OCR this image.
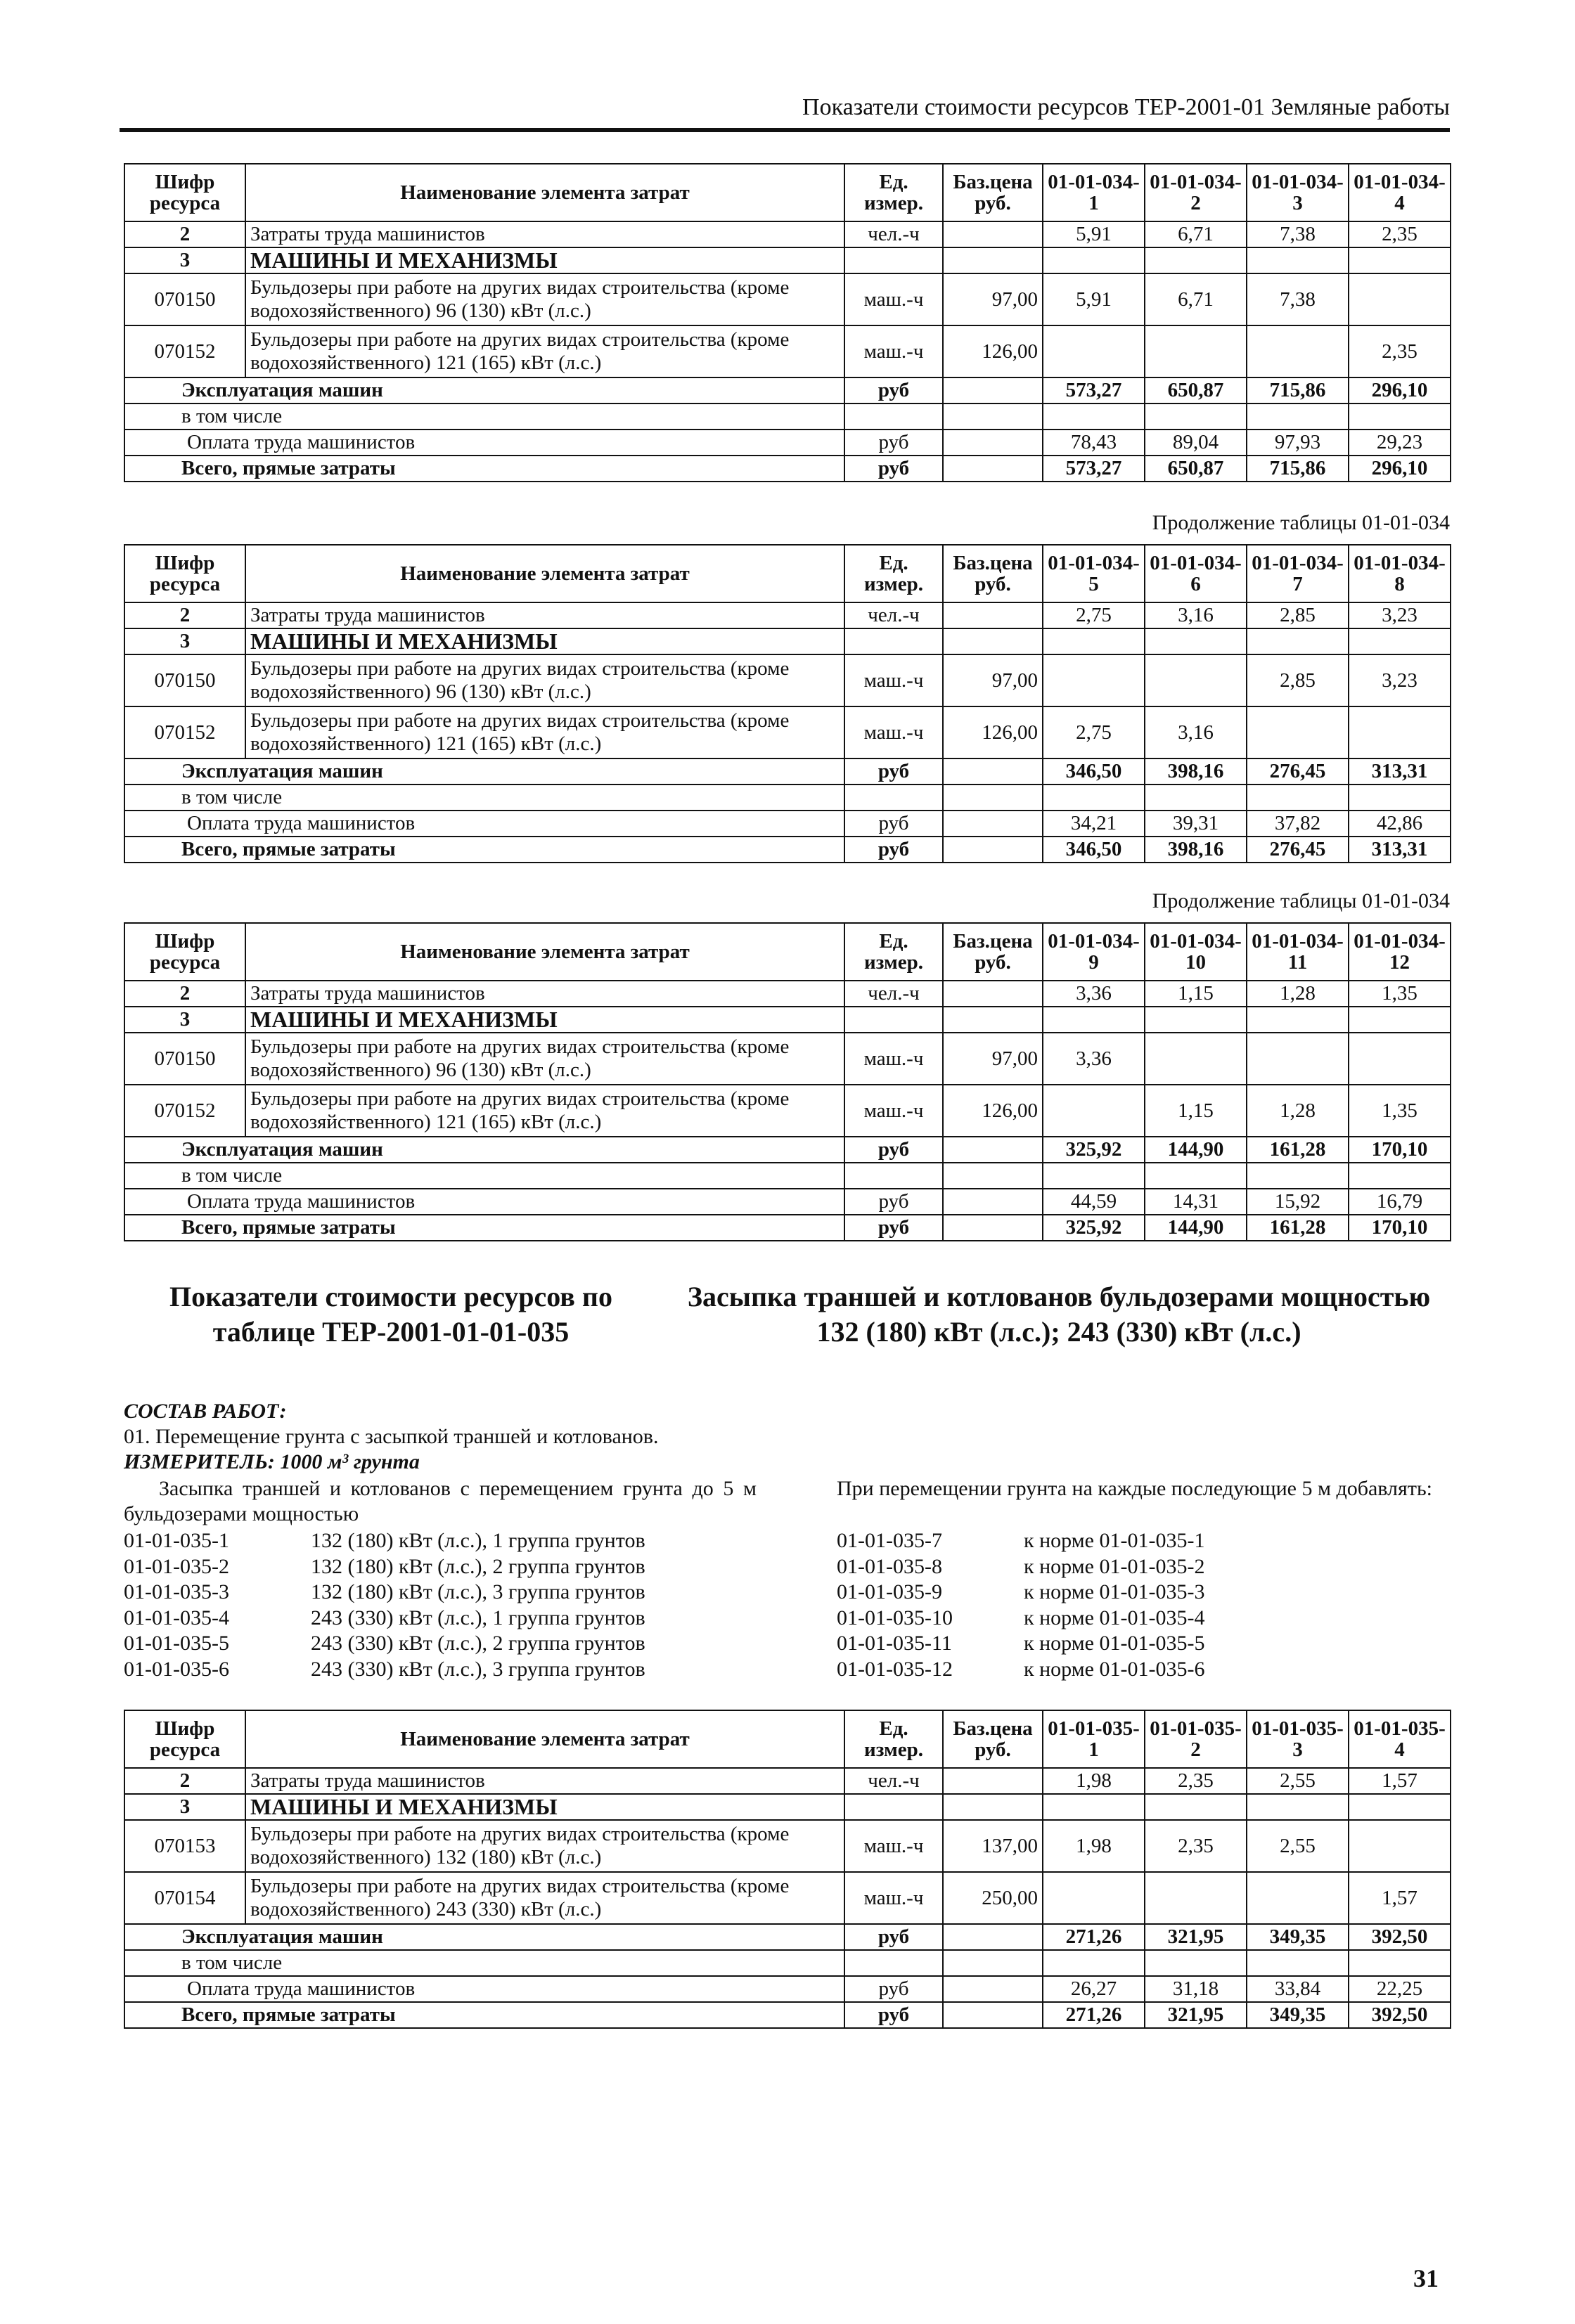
Показатели стоимости ресурсов ТЕР-2001-01 Земляные работы
Продолжение таблицы 01-01-034
Продолжение таблицы 01-01-034
Показатели стоимости ресурсов по таблице ТЕР-2001-01-01-035
Засыпка траншей и котлованов бульдозерами мощностью 132 (180) кВт (л.с.); 243 (330) кВт (л.с.)
СОСТАВ РАБОТ:
01. Перемещение грунта с засыпкой траншей и котлованов.
ИЗМЕРИТЕЛЬ: 1000 м³ грунта
Засыпка траншей и котлованов с перемещением грунта до 5 м бульдозерами мощностью
При перемещении грунта на каждые последующие 5 м добавлять:
01-01-035-1	132 (180) кВт (л.с.), 1 группа грунтов
01-01-035-2	132 (180) кВт (л.с.), 2 группа грунтов
01-01-035-3	132 (180) кВт (л.с.), 3 группа грунтов
01-01-035-4	243 (330) кВт (л.с.), 1 группа грунтов
01-01-035-5	243 (330) кВт (л.с.), 2 группа грунтов
01-01-035-6	243 (330) кВт (л.с.), 3 группа грунтов
01-01-035-7	к норме 01-01-035-1
01-01-035-8	к норме 01-01-035-2
01-01-035-9	к норме 01-01-035-3
01-01-035-10	к норме 01-01-035-4
01-01-035-11	к норме 01-01-035-5
01-01-035-12	к норме 01-01-035-6
31
Шифр ресурса	Наименование элемента затрат	Ед. измер.	Баз.цена руб.	01-01-034-1	01-01-034-2	01-01-034-3	01-01-034-4
2	Затраты труда машинистов	чел.-ч		5,91	6,71	7,38	2,35
3	МАШИНЫ И МЕХАНИЗМЫ						
070150	Бульдозеры при работе на других видах строительства (кроме водохозяйственного) 96 (130) кВт (л.с.)	маш.-ч	97,00	5,91	6,71	7,38	
070152	Бульдозеры при работе на других видах строительства (кроме водохозяйственного) 121 (165) кВт (л.с.)	маш.-ч	126,00				2,35
Эксплуатация машин		руб		573,27	650,87	715,86	296,10
в том числе							
Оплата труда машинистов		руб		78,43	89,04	97,93	29,23
Всего, прямые затраты		руб		573,27	650,87	715,86	296,10
Шифр ресурса	Наименование элемента затрат	Ед. измер.	Баз.цена руб.	01-01-034-5	01-01-034-6	01-01-034-7	01-01-034-8
2	Затраты труда машинистов	чел.-ч		2,75	3,16	2,85	3,23
3	МАШИНЫ И МЕХАНИЗМЫ						
070150	Бульдозеры при работе на других видах строительства (кроме водохозяйственного) 96 (130) кВт (л.с.)	маш.-ч	97,00			2,85	3,23
070152	Бульдозеры при работе на других видах строительства (кроме водохозяйственного) 121 (165) кВт (л.с.)	маш.-ч	126,00	2,75	3,16		
Эксплуатация машин		руб		346,50	398,16	276,45	313,31
в том числе							
Оплата труда машинистов		руб		34,21	39,31	37,82	42,86
Всего, прямые затраты		руб		346,50	398,16	276,45	313,31
Шифр ресурса	Наименование элемента затрат	Ед. измер.	Баз.цена руб.	01-01-034-9	01-01-034-10	01-01-034-11	01-01-034-12
2	Затраты труда машинистов	чел.-ч		3,36	1,15	1,28	1,35
3	МАШИНЫ И МЕХАНИЗМЫ						
070150	Бульдозеры при работе на других видах строительства (кроме водохозяйственного) 96 (130) кВт (л.с.)	маш.-ч	97,00	3,36			
070152	Бульдозеры при работе на других видах строительства (кроме водохозяйственного) 121 (165) кВт (л.с.)	маш.-ч	126,00		1,15	1,28	1,35
Эксплуатация машин		руб		325,92	144,90	161,28	170,10
в том числе							
Оплата труда машинистов		руб		44,59	14,31	15,92	16,79
Всего, прямые затраты		руб		325,92	144,90	161,28	170,10
Шифр ресурса	Наименование элемента затрат	Ед. измер.	Баз.цена руб.	01-01-035-1	01-01-035-2	01-01-035-3	01-01-035-4
2	Затраты труда машинистов	чел.-ч		1,98	2,35	2,55	1,57
3	МАШИНЫ И МЕХАНИЗМЫ						
070153	Бульдозеры при работе на других видах строительства (кроме водохозяйственного) 132 (180) кВт (л.с.)	маш.-ч	137,00	1,98	2,35	2,55	
070154	Бульдозеры при работе на других видах строительства (кроме водохозяйственного) 243 (330) кВт (л.с.)	маш.-ч	250,00				1,57
Эксплуатация машин		руб		271,26	321,95	349,35	392,50
в том числе							
Оплата труда машинистов		руб		26,27	31,18	33,84	22,25
Всего, прямые затраты		руб		271,26	321,95	349,35	392,50
